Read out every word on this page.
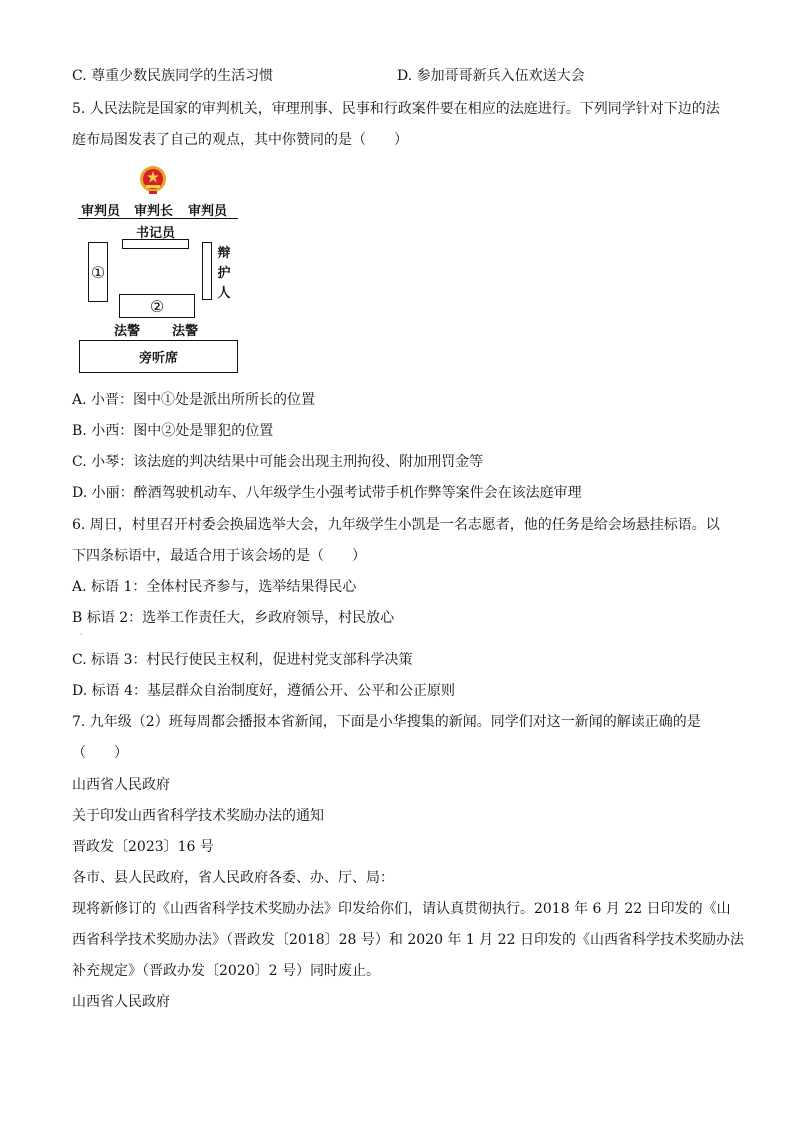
C. 尊重少数民族同学的生活习惯	D. 参加哥哥新兵入伍欢送大会
5. 人民法院是国家的审判机关，审理刑事、民事和行政案件要在相应的法庭进行。下列同学针对下边的法
庭布局图发表了自己的观点，其中你赞同的是（　　）
审判员 审判长 审判员
书记员
①
辩
护
人
②
法警 法警
旁听席
A. 小晋：图中①处是派出所所长的位置
B. 小西：图中②处是罪犯的位置
C. 小琴：该法庭的判决结果中可能会出现主刑拘役、附加刑罚金等
D. 小丽：醉酒驾驶机动车、八年级学生小强考试带手机作弊等案件会在该法庭审理
6. 周日，村里召开村委会换届选举大会，九年级学生小凯是一名志愿者，他的任务是给会场悬挂标语。以
下四条标语中，最适合用于该会场的是（　　）
A. 标语 1：全体村民齐参与，选举结果得民心
B 标语 2：选举工作责任大，乡政府领导，村民放心
·
C. 标语 3：村民行使民主权利，促进村党支部科学决策
D. 标语 4：基层群众自治制度好，遵循公开、公平和公正原则
7. 九年级（2）班每周都会播报本省新闻，下面是小华搜集的新闻。同学们对这一新闻的解读正确的是
（　　）
山西省人民政府
关于印发山西省科学技术奖励办法的通知
晋政发〔2023〕16 号
各市、县人民政府，省人民政府各委、办、厅、局：
现将新修订的《山西省科学技术奖励办法》印发给你们，请认真贯彻执行。2018 年 6 月 22 日印发的《山
西省科学技术奖励办法》（晋政发〔2018〕28 号）和 2020 年 1 月 22 日印发的《山西省科学技术奖励办法
补充规定》（晋政办发〔2020〕2 号）同时废止。
山西省人民政府
